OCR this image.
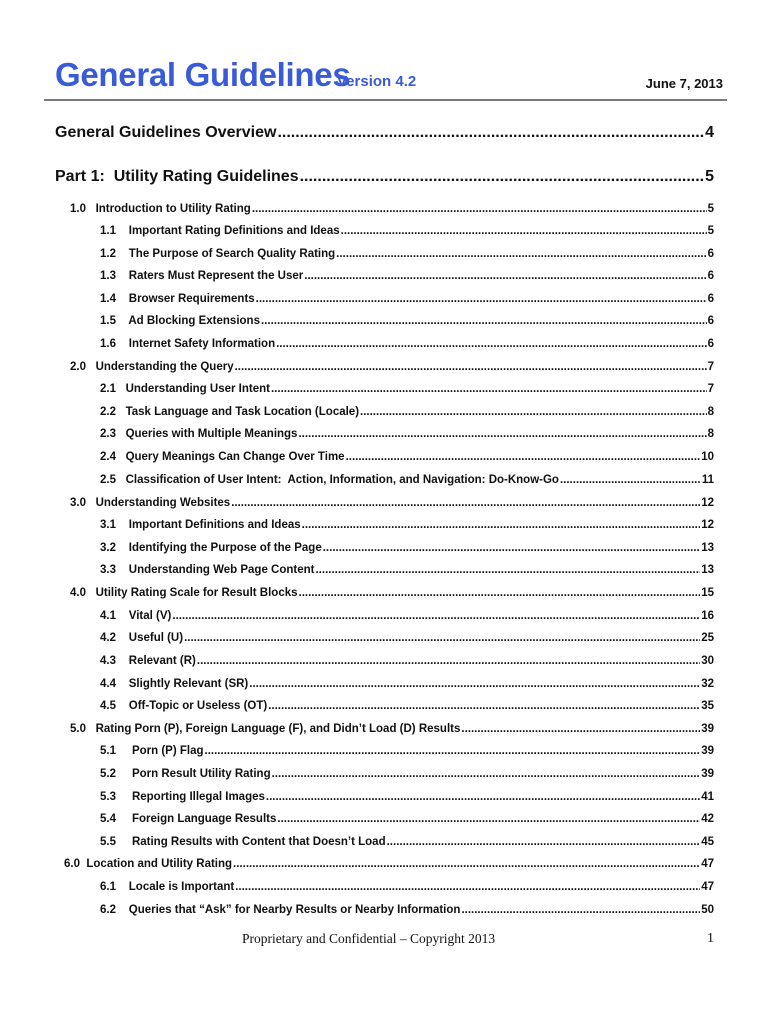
General Guidelines
Version 4.2	June 7, 2013
General Guidelines Overview .....	4
Part 1:  Utility Rating Guidelines .....	5
1.0   Introduction to Utility Rating .....	5
1.1    Important Rating Definitions and Ideas .....	5
1.2    The Purpose of Search Quality Rating .....	6
1.3    Raters Must Represent the User .....	6
1.4    Browser Requirements .....	6
1.5    Ad Blocking Extensions .....	6
1.6    Internet Safety Information .....	6
2.0   Understanding the Query .....	7
2.1   Understanding User Intent .....	7
2.2   Task Language and Task Location (Locale) .....	8
2.3   Queries with Multiple Meanings .....	8
2.4   Query Meanings Can Change Over Time .....	10
2.5   Classification of User Intent:  Action, Information, and Navigation: Do-Know-Go .....	11
3.0   Understanding Websites .....	12
3.1    Important Definitions and Ideas .....	12
3.2    Identifying the Purpose of the Page .....	13
3.3    Understanding Web Page Content .....	13
4.0   Utility Rating Scale for Result Blocks .....	15
4.1    Vital (V) .....	16
4.2    Useful (U) .....	25
4.3    Relevant (R) .....	30
4.4    Slightly Relevant (SR) .....	32
4.5    Off-Topic or Useless (OT) .....	35
5.0   Rating Porn (P), Foreign Language (F), and Didn’t Load (D) Results .....	39
5.1     Porn (P) Flag .....	39
5.2     Porn Result Utility Rating .....	39
5.3     Reporting Illegal Images .....	41
5.4     Foreign Language Results .....	42
5.5     Rating Results with Content that Doesn’t Load .....	45
6.0  Location and Utility Rating .....	47
6.1    Locale is Important .....	47
6.2    Queries that “Ask” for Nearby Results or Nearby Information .....	50
Proprietary and Confidential – Copyright 2013	1
